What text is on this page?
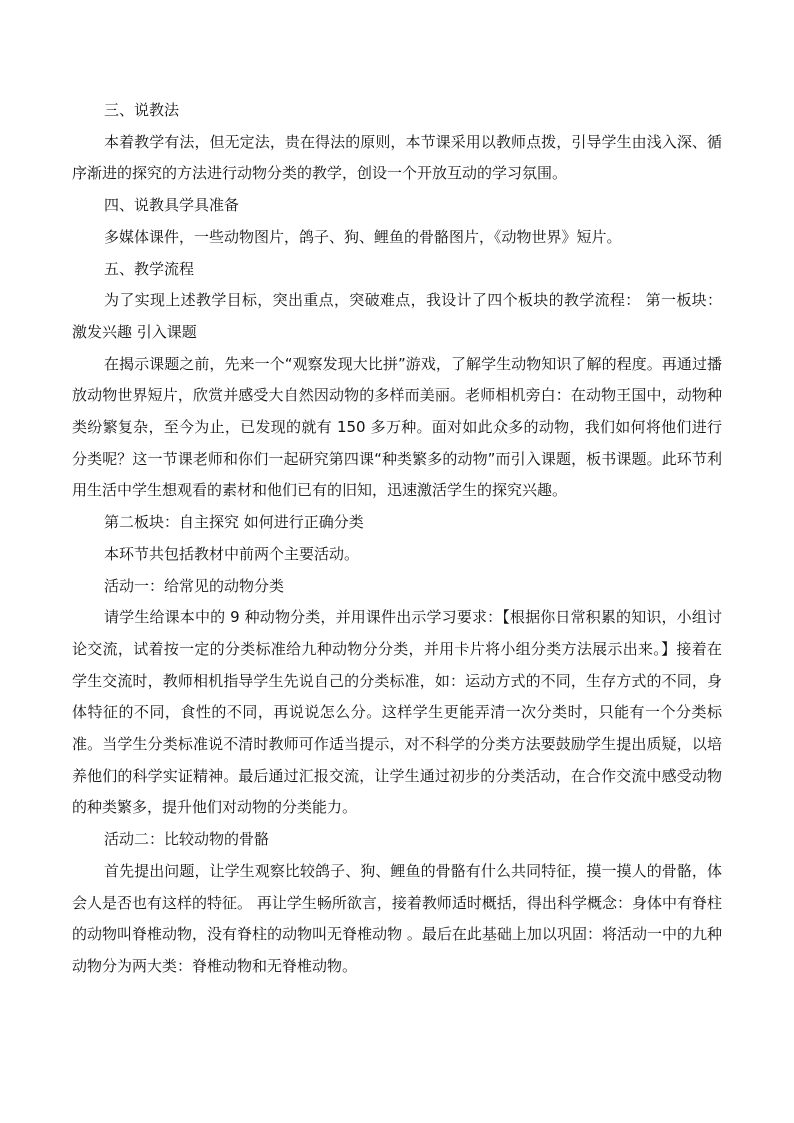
三、说教法

本着教学有法，但无定法，贵在得法的原则，本节课采用以教师点拨，引导学生由浅入深、循序渐进的探究的方法进行动物分类的教学，创设一个开放互动的学习氛围。

四、说教具学具准备

多媒体课件，一些动物图片，鸽子、狗、鲤鱼的骨骼图片，《动物世界》短片。

五、教学流程

为了实现上述教学目标，突出重点，突破难点，我设计了四个板块的教学流程： 第一板块：激发兴趣 引入课题

在揭示课题之前，先来一个“观察发现大比拼”游戏，了解学生动物知识了解的程度。再通过播放动物世界短片，欣赏并感受大自然因动物的多样而美丽。老师相机旁白：在动物王国中，动物种类纷繁复杂，至今为止，已发现的就有 150 多万种。面对如此众多的动物，我们如何将他们进行分类呢？这一节课老师和你们一起研究第四课“种类繁多的动物”而引入课题，板书课题。此环节利用生活中学生想观看的素材和他们已有的旧知，迅速激活学生的探究兴趣。

第二板块：自主探究 如何进行正确分类

本环节共包括教材中前两个主要活动。

活动一：给常见的动物分类

请学生给课本中的 9 种动物分类，并用课件出示学习要求：【根据你日常积累的知识，小组讨论交流，试着按一定的分类标准给九种动物分分类，并用卡片将小组分类方法展示出来。】接着在学生交流时，教师相机指导学生先说自己的分类标准，如：运动方式的不同，生存方式的不同，身体特征的不同，食性的不同，再说说怎么分。这样学生更能弄清一次分类时，只能有一个分类标准。当学生分类标准说不清时教师可作适当提示，对不科学的分类方法要鼓励学生提出质疑，以培养他们的科学实证精神。最后通过汇报交流，让学生通过初步的分类活动，在合作交流中感受动物的种类繁多，提升他们对动物的分类能力。

活动二：比较动物的骨骼

首先提出问题，让学生观察比较鸽子、狗、鲤鱼的骨骼有什么共同特征，摸一摸人的骨骼，体会人是否也有这样的特征。 再让学生畅所欲言，接着教师适时概括，得出科学概念：身体中有脊柱的动物叫脊椎动物，没有脊柱的动物叫无脊椎动物 。最后在此基础上加以巩固：将活动一中的九种动物分为两大类：脊椎动物和无脊椎动物。
